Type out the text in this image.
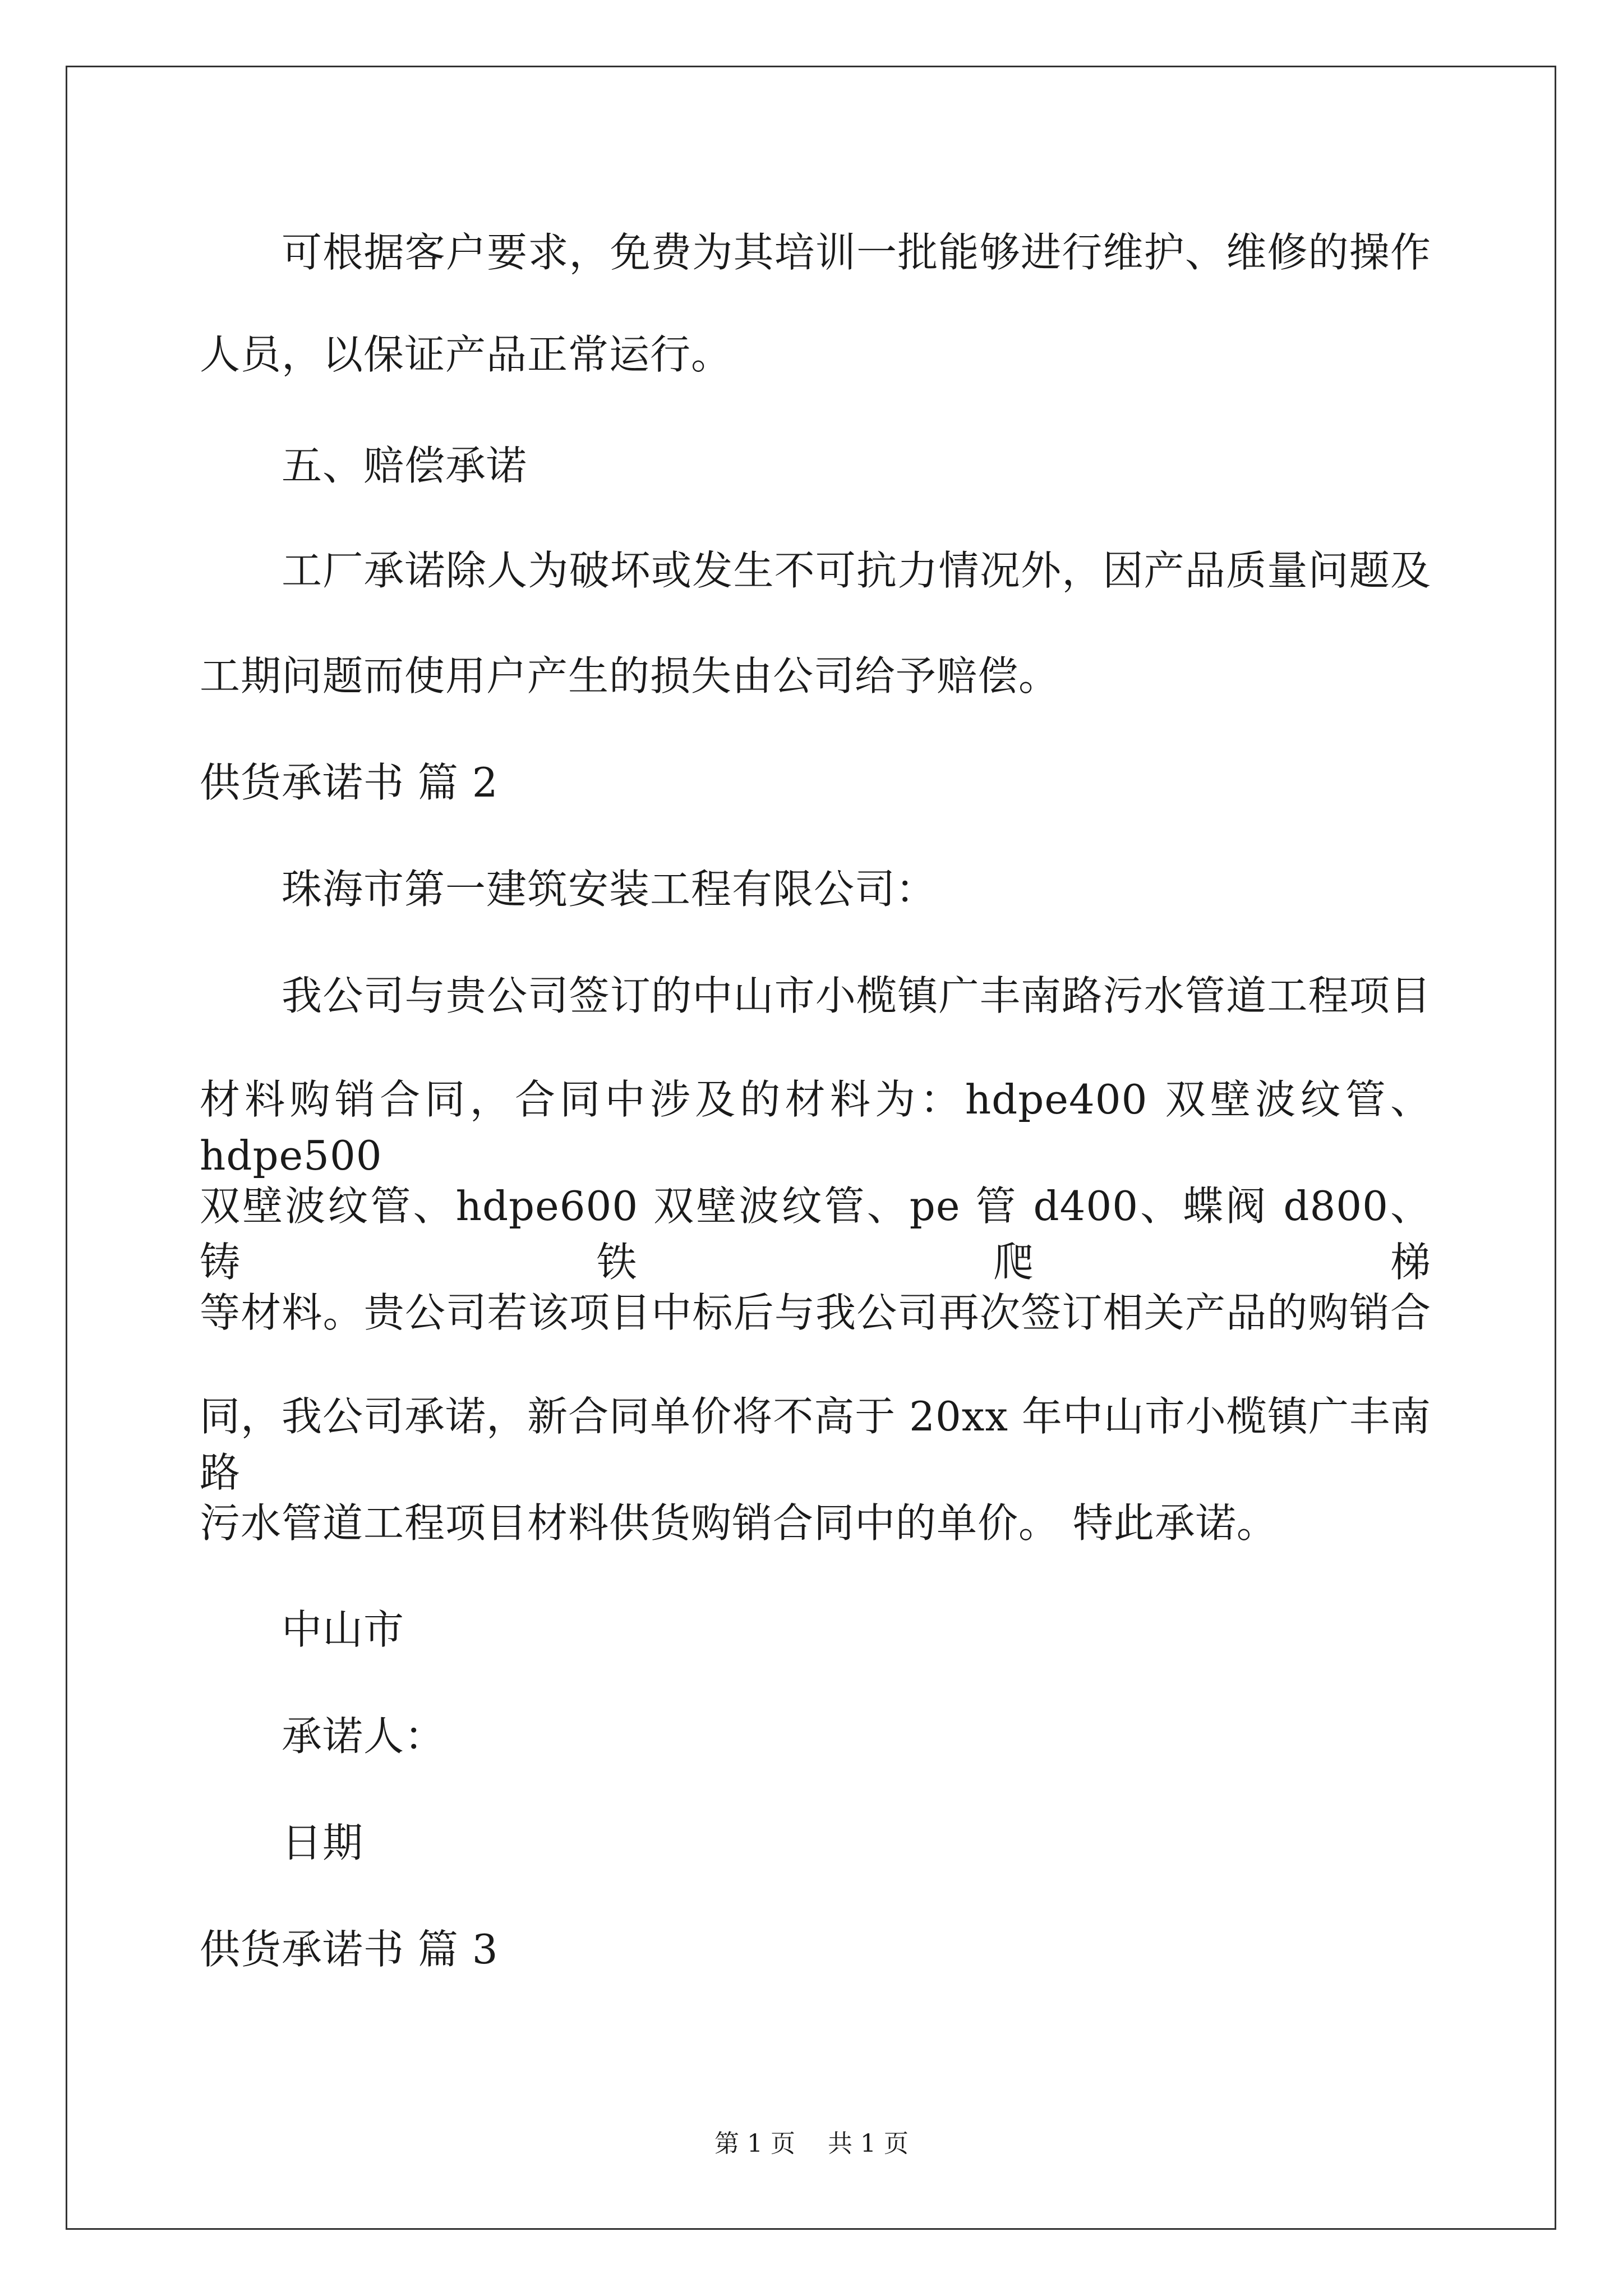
可根据客户要求，免费为其培训一批能够进行维护、维修的操作
人员，以保证产品正常运行。
五、赔偿承诺
工厂承诺除人为破坏或发生不可抗力情况外，因产品质量问题及
工期问题而使用户产生的损失由公司给予赔偿。
供货承诺书 篇 2
珠海市第一建筑安装工程有限公司：
我公司与贵公司签订的中山市小榄镇广丰南路污水管道工程项目
材料购销合同，合同中涉及的材料为：hdpe400 双壁波纹管、hdpe500
双壁波纹管、hdpe600 双壁波纹管、pe 管 d400、蝶阀 d800、铸铁爬梯
等材料。贵公司若该项目中标后与我公司再次签订相关产品的购销合
同，我公司承诺，新合同单价将不高于 20xx 年中山市小榄镇广丰南路
污水管道工程项目材料供货购销合同中的单价。 特此承诺。
中山市
承诺人：
日期
供货承诺书 篇 3
第 1 页 共 1 页
